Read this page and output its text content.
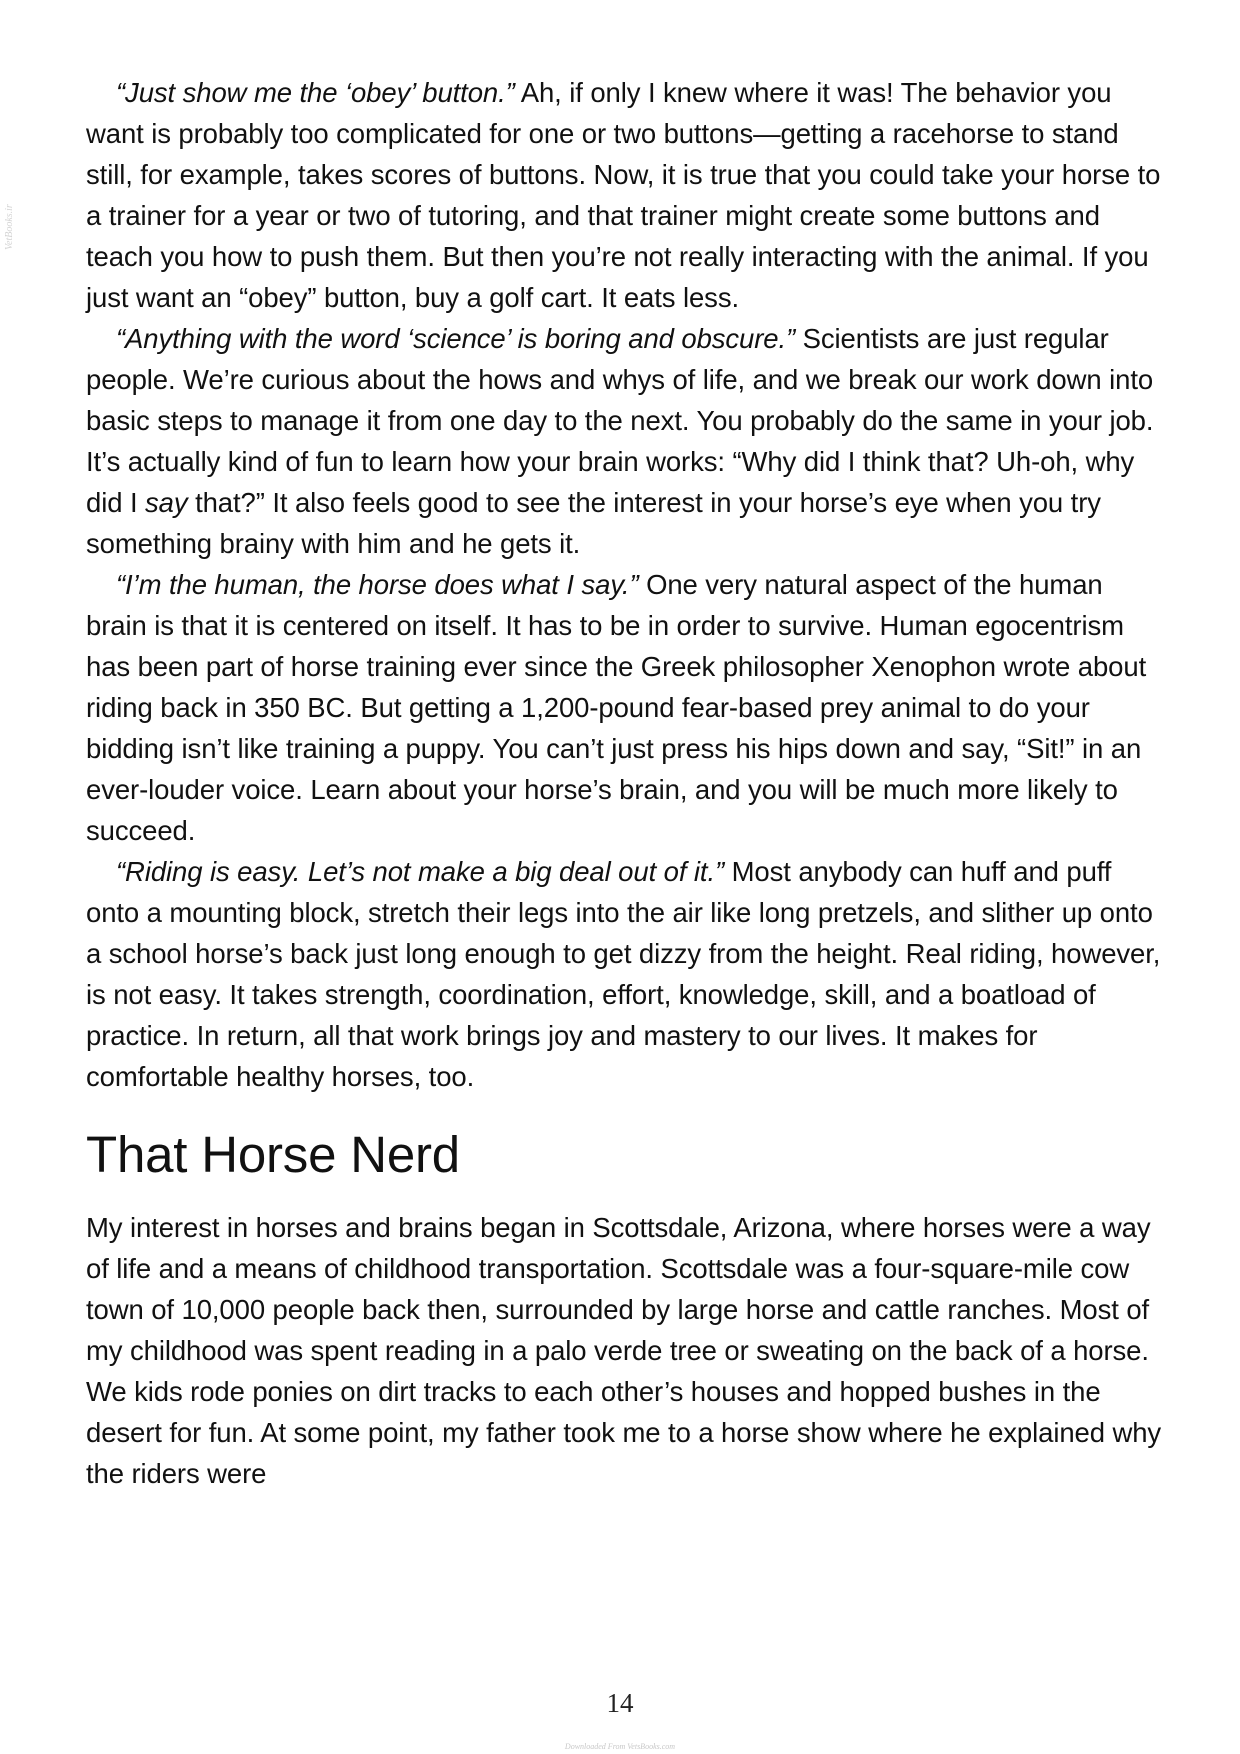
VetBooks.ir

“Just show me the ‘obey’ button.” Ah, if only I knew where it was! The behavior you want is probably too complicated for one or two buttons—getting a racehorse to stand still, for example, takes scores of buttons. Now, it is true that you could take your horse to a trainer for a year or two of tutoring, and that trainer might create some buttons and teach you how to push them. But then you’re not really interacting with the animal. If you just want an “obey” button, buy a golf cart. It eats less.

“Anything with the word ‘science’ is boring and obscure.” Scientists are just regular people. We’re curious about the hows and whys of life, and we break our work down into basic steps to manage it from one day to the next. You probably do the same in your job. It’s actually kind of fun to learn how your brain works: “Why did I think that? Uh-oh, why did I say that?” It also feels good to see the interest in your horse’s eye when you try something brainy with him and he gets it.

“I’m the human, the horse does what I say.” One very natural aspect of the human brain is that it is centered on itself. It has to be in order to survive. Human egocentrism has been part of horse training ever since the Greek philosopher Xenophon wrote about riding back in 350 BC. But getting a 1,200-pound fear-based prey animal to do your bidding isn’t like training a puppy. You can’t just press his hips down and say, “Sit!” in an ever-louder voice. Learn about your horse’s brain, and you will be much more likely to succeed.

“Riding is easy. Let’s not make a big deal out of it.” Most anybody can huff and puff onto a mounting block, stretch their legs into the air like long pretzels, and slither up onto a school horse’s back just long enough to get dizzy from the height. Real riding, however, is not easy. It takes strength, coordination, effort, knowledge, skill, and a boatload of practice. In return, all that work brings joy and mastery to our lives. It makes for comfortable healthy horses, too.

That Horse Nerd

My interest in horses and brains began in Scottsdale, Arizona, where horses were a way of life and a means of childhood transportation. Scottsdale was a four-square-mile cow town of 10,000 people back then, surrounded by large horse and cattle ranches. Most of my childhood was spent reading in a palo verde tree or sweating on the back of a horse. We kids rode ponies on dirt tracks to each other’s houses and hopped bushes in the desert for fun. At some point, my father took me to a horse show where he explained why the riders were

14
Downloaded From VetsBooks.com
